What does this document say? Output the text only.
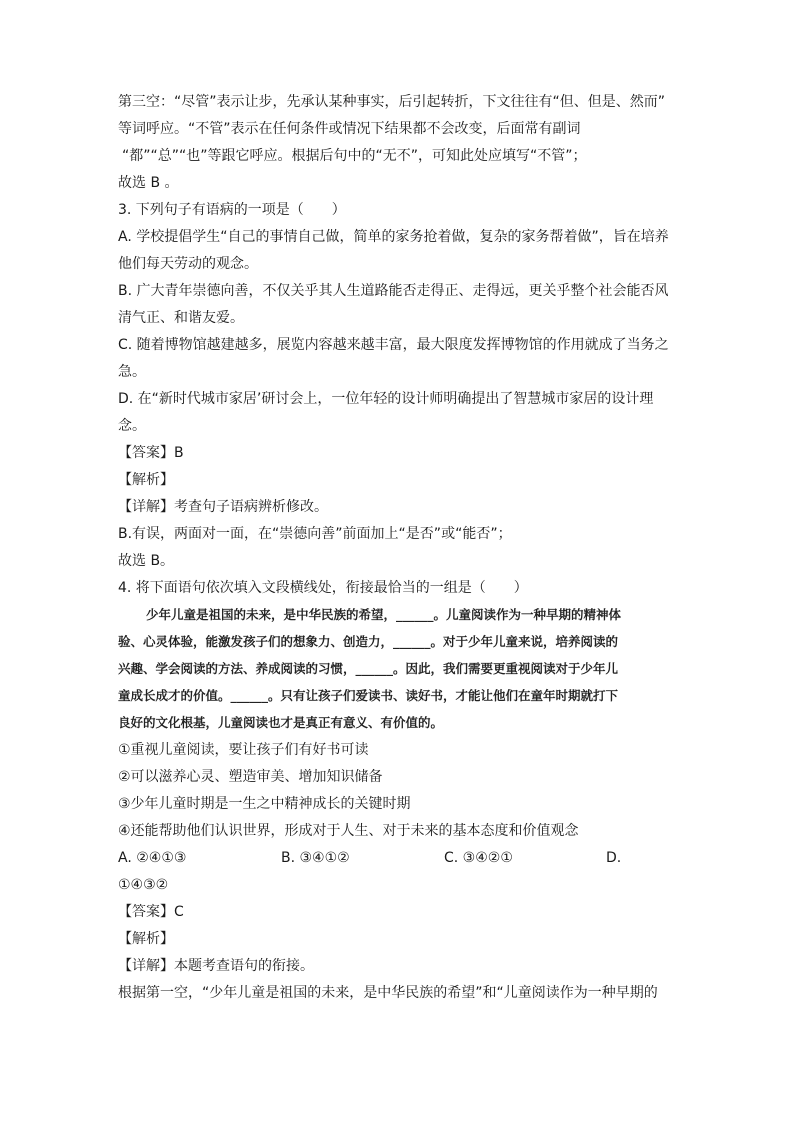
第三空：“尽管”表示让步，先承认某种事实，后引起转折，下文往往有“但、但是、然而”
等词呼应。“不管”表示在任何条件或情况下结果都不会改变，后面常有副词
“都”“总”“也”等跟它呼应。根据后句中的“无不”，可知此处应填写“不管”；
故选 B 。
3. 下列句子有语病的一项是（　　）
A. 学校提倡学生“自己的事情自己做，简单的家务抢着做，复杂的家务帮着做”，旨在培养
他们每天劳动的观念。
B. 广大青年崇德向善，不仅关乎其人生道路能否走得正、走得远，更关乎整个社会能否风
清气正、和谐友爱。
C. 随着博物馆越建越多，展览内容越来越丰富，最大限度发挥博物馆的作用就成了当务之
急。
D. 在“新时代城市家居’研讨会上，一位年轻的设计师明确提出了智慧城市家居的设计理
念。
【答案】B
【解析】
【详解】考查句子语病辨析修改。
B.有误，两面对一面，在“崇德向善”前面加上“是否”或“能否”；
故选 B。
4. 将下面语句依次填入文段横线处，衔接最恰当的一组是（　　）
少年儿童是祖国的未来，是中华民族的希望，______。儿童阅读作为一种早期的精神体
验、心灵体验，能激发孩子们的想象力、创造力，______。对于少年儿童来说，培养阅读的
兴趣、学会阅读的方法、养成阅读的习惯，______。因此，我们需要更重视阅读对于少年儿
童成长成才的价值。______。只有让孩子们爱读书、读好书，才能让他们在童年时期就打下
良好的文化根基，儿童阅读也才是真正有意义、有价值的。
①重视儿童阅读，要让孩子们有好书可读
②可以滋养心灵、塑造审美、增加知识储备
③少年儿童时期是一生之中精神成长的关键时期
④还能帮助他们认识世界，形成对于人生、对于未来的基本态度和价值观念
A. ②④①③	B. ③④①②	C. ③④②①	D.
①④③②
【答案】C
【解析】
【详解】本题考查语句的衔接。
根据第一空，“少年儿童是祖国的未来，是中华民族的希望”和“儿童阅读作为一种早期的
